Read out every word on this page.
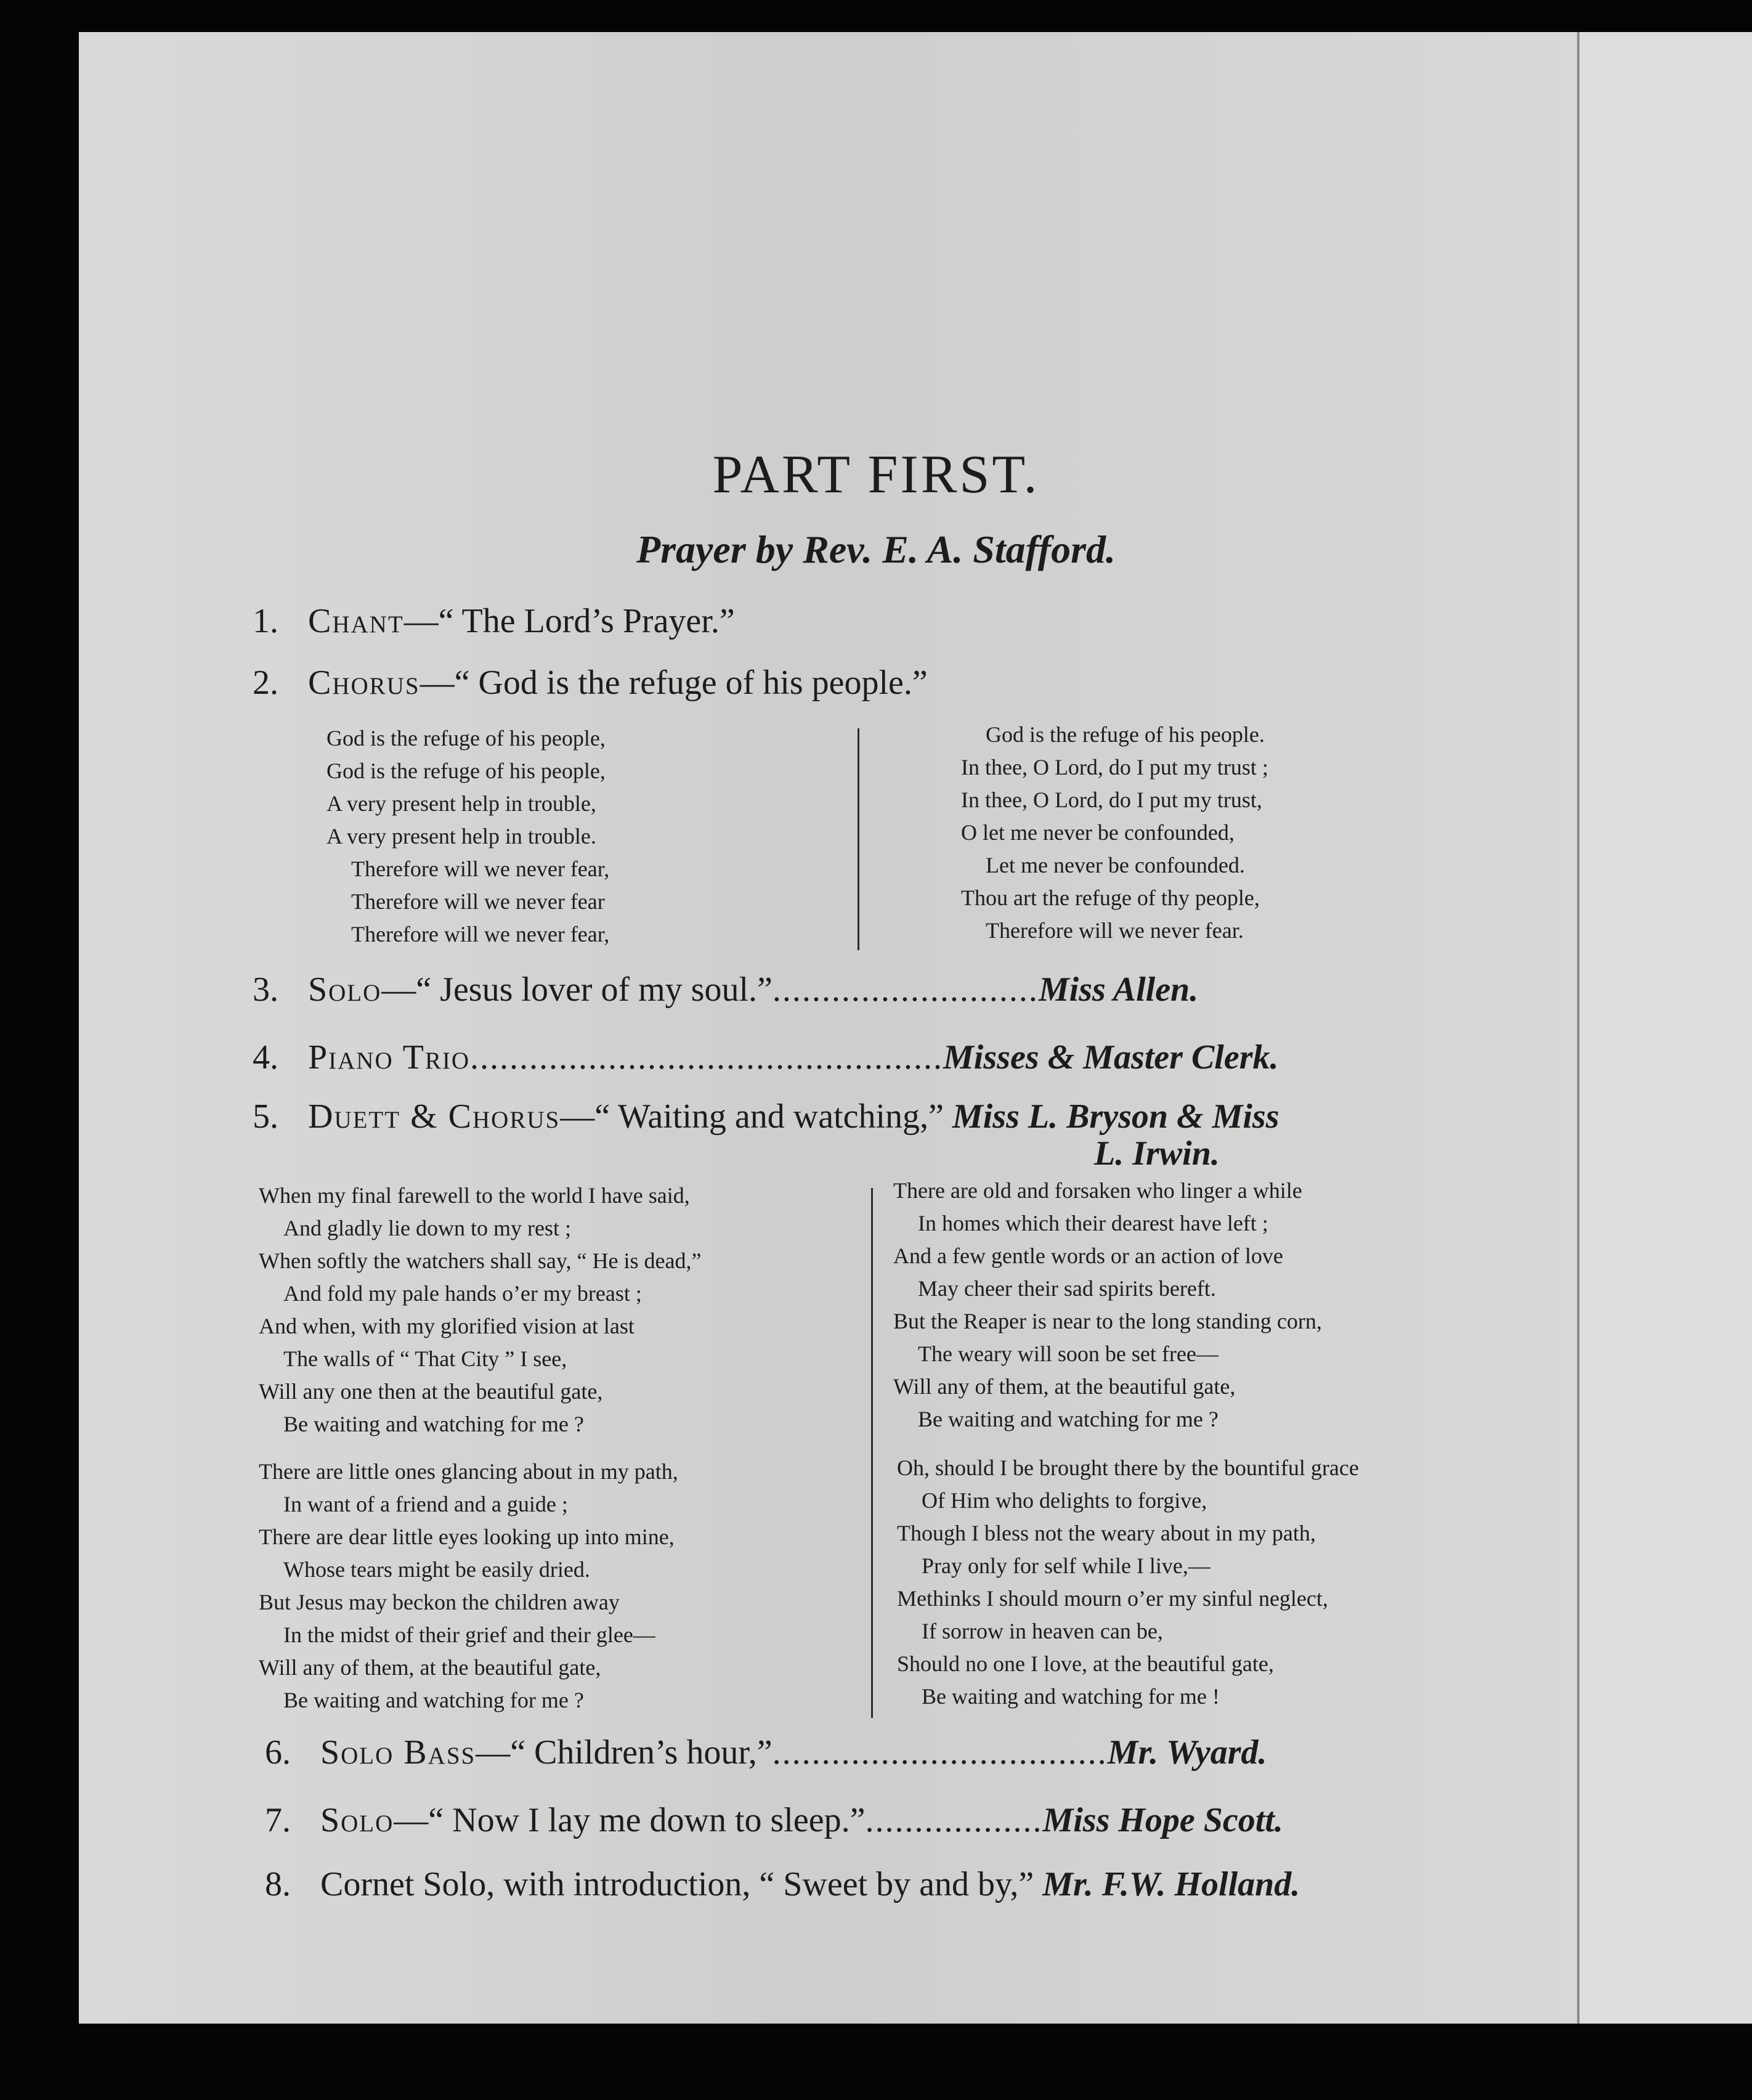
PART FIRST.
Prayer by Rev. E. A. Stafford.
1. Chant—“ The Lord’s Prayer.”
2. Chorus—“ God is the refuge of his people.”
God is the refuge of his people,
God is the refuge of his people,
A very present help in trouble,
A very present help in trouble.
Therefore will we never fear,
Therefore will we never fear
Therefore will we never fear,
God is the refuge of his people.
In thee, O Lord, do I put my trust ;
In thee, O Lord, do I put my trust,
O let me never be confounded,
Let me never be confounded.
Thou art the refuge of thy people,
Therefore will we never fear.
3. Solo—“ Jesus lover of my soul.”...........................Miss Allen.
4. Piano Trio................................................Misses & Master Clerk.
5. Duett & Chorus—“ Waiting and watching,” Miss L. Bryson & Miss
L. Irwin.
When my final farewell to the world I have said,
And gladly lie down to my rest ;
When softly the watchers shall say, “ He is dead,”
And fold my pale hands o’er my breast ;
And when, with my glorified vision at last
The walls of “ That City ” I see,
Will any one then at the beautiful gate,
Be waiting and watching for me ?
There are little ones glancing about in my path,
In want of a friend and a guide ;
There are dear little eyes looking up into mine,
Whose tears might be easily dried.
But Jesus may beckon the children away
In the midst of their grief and their glee—
Will any of them, at the beautiful gate,
Be waiting and watching for me ?
There are old and forsaken who linger a while
In homes which their dearest have left ;
And a few gentle words or an action of love
May cheer their sad spirits bereft.
But the Reaper is near to the long standing corn,
The weary will soon be set free—
Will any of them, at the beautiful gate,
Be waiting and watching for me ?
Oh, should I be brought there by the bountiful grace
Of Him who delights to forgive,
Though I bless not the weary about in my path,
Pray only for self while I live,—
Methinks I should mourn o’er my sinful neglect,
If sorrow in heaven can be,
Should no one I love, at the beautiful gate,
Be waiting and watching for me !
6. Solo Bass—“ Children’s hour,”..................................Mr. Wyard.
7. Solo—“ Now I lay me down to sleep.”..................Miss Hope Scott.
8. Cornet Solo, with introduction, “ Sweet by and by,” Mr. F.W. Holland.
